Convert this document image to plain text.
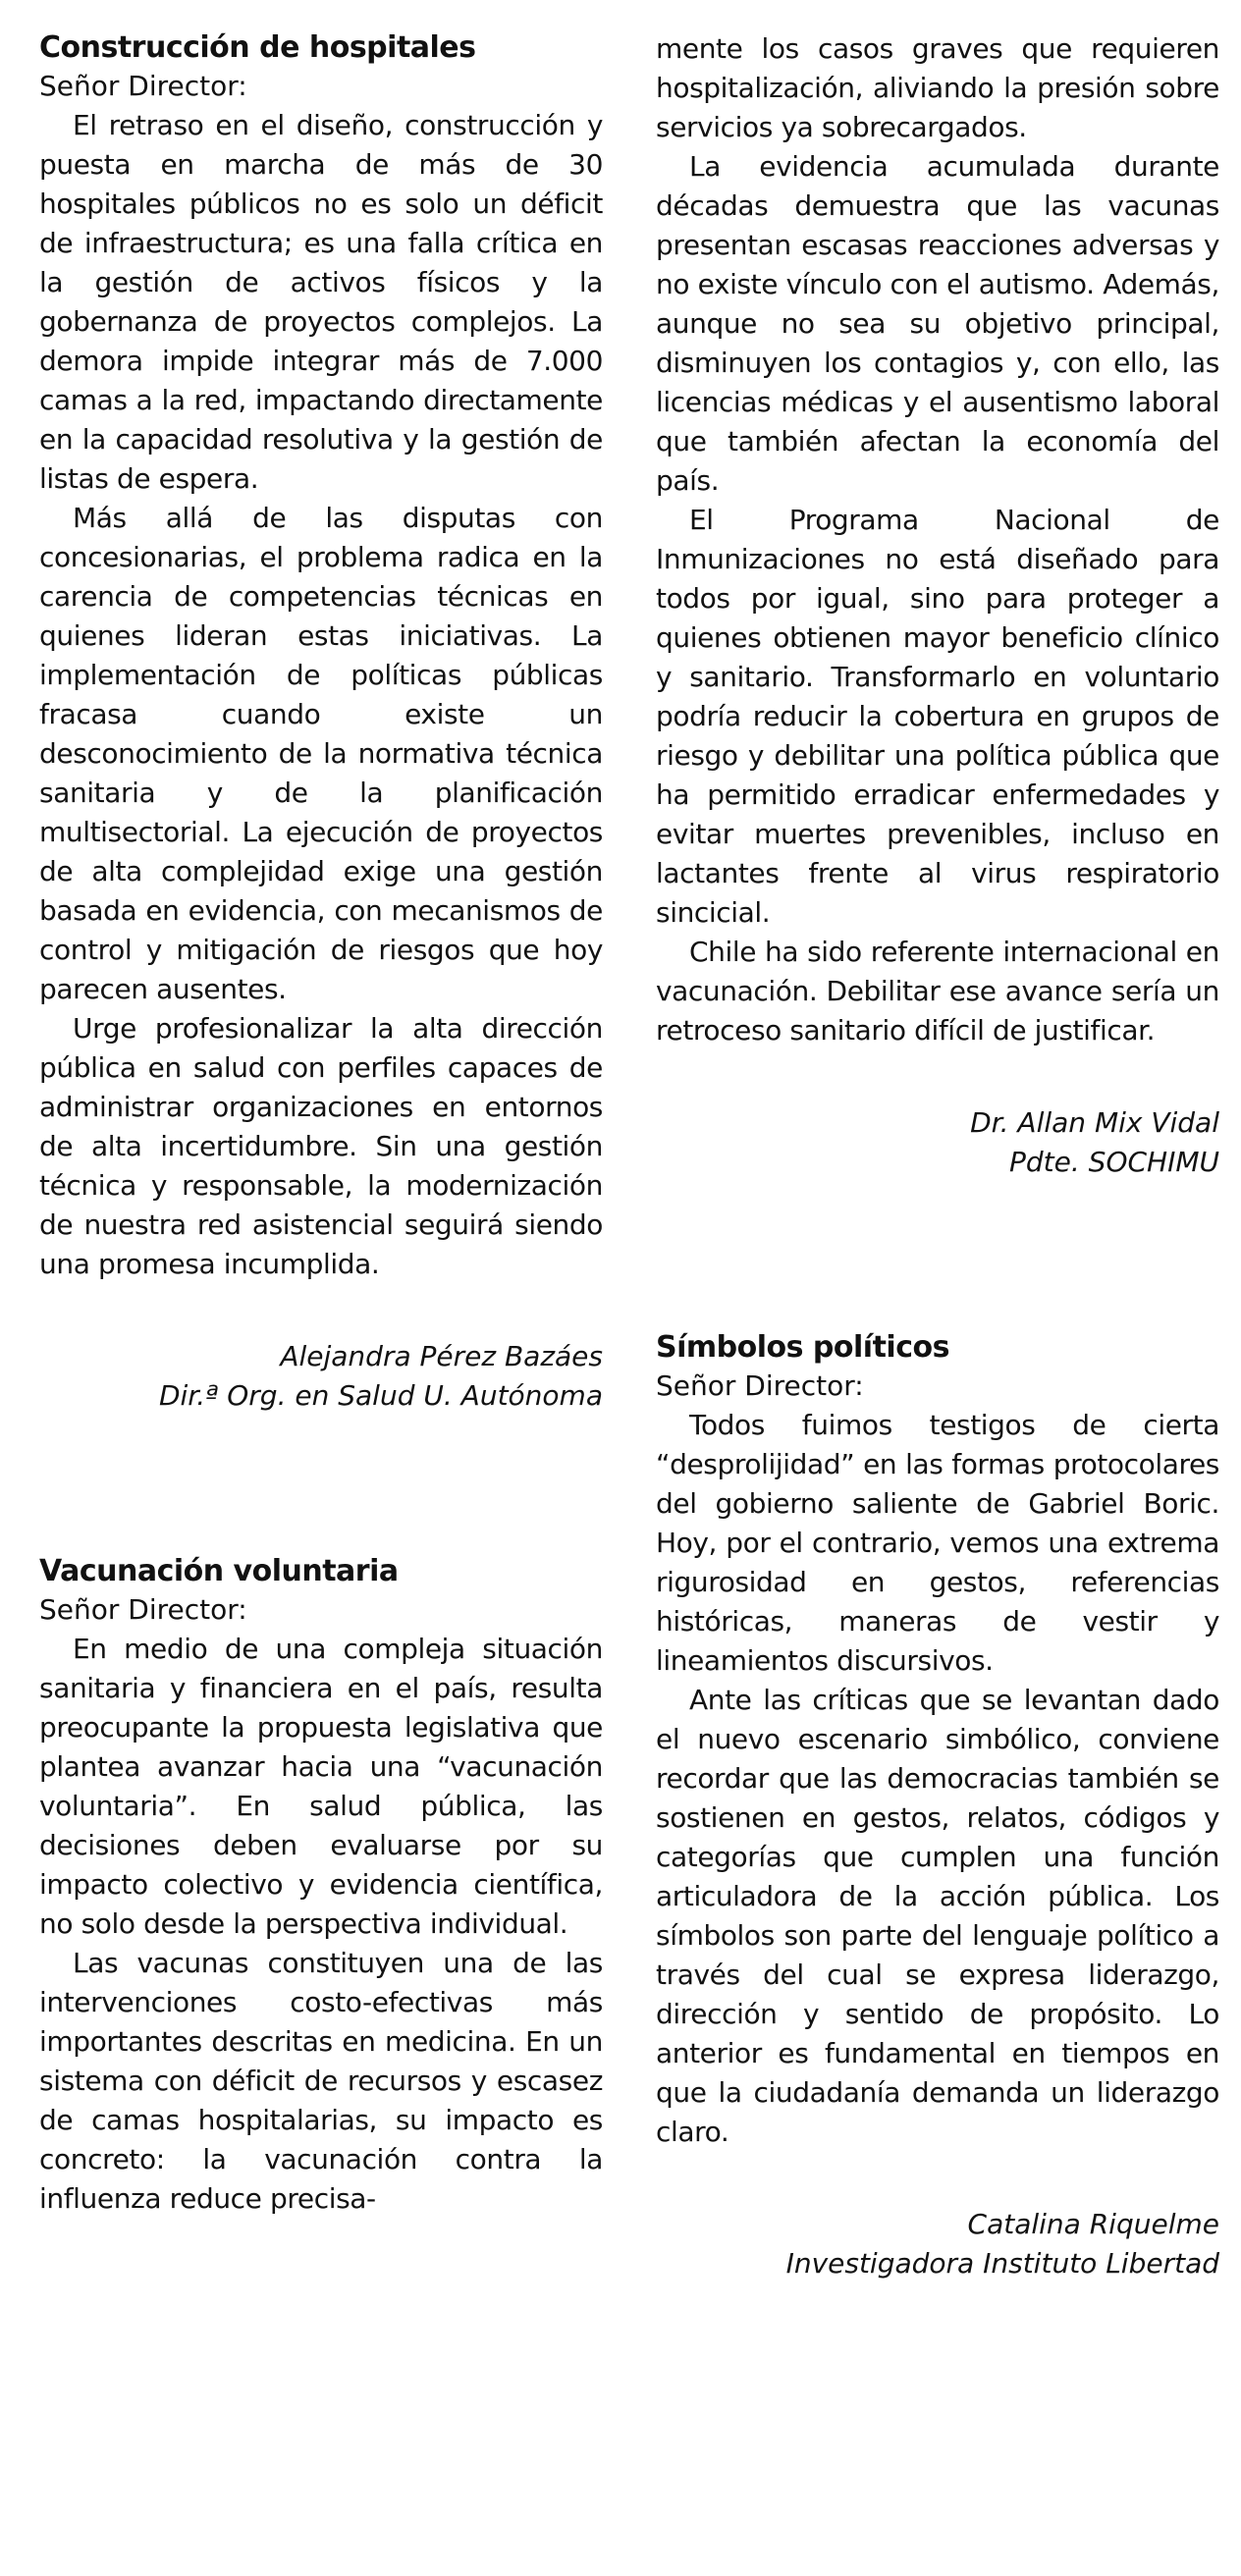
Construcción de hospitales

Señor Director:

El retraso en el diseño, construcción y puesta en marcha de más de 30 hospitales públicos no es solo un déficit de infraestructura; es una falla crítica en la gestión de activos físicos y la gobernanza de proyectos complejos. La demora impide integrar más de 7.000 camas a la red, impactando directamente en la capacidad resolutiva y la gestión de listas de espera.

Más allá de las disputas con concesionarias, el problema radica en la carencia de competencias técnicas en quienes lideran estas iniciativas. La implementación de políticas públicas fracasa cuando existe un desconocimiento de la normativa técnica sanitaria y de la planificación multisectorial. La ejecución de proyectos de alta complejidad exige una gestión basada en evidencia, con mecanismos de control y mitigación de riesgos que hoy parecen ausentes.

Urge profesionalizar la alta dirección pública en salud con perfiles capaces de administrar organizaciones en entornos de alta incertidumbre. Sin una gestión técnica y responsable, la modernización de nuestra red asistencial seguirá siendo una promesa incumplida.

Alejandra Pérez Bazáes

Dir.ª Org. en Salud U. Autónoma

Vacunación voluntaria

Señor Director:

En medio de una compleja situación sanitaria y financiera en el país, resulta preocupante la propuesta legislativa que plantea avanzar hacia una “vacunación voluntaria”. En salud pública, las decisiones deben evaluarse por su impacto colectivo y evidencia científica, no solo desde la perspectiva individual.

Las vacunas constituyen una de las intervenciones costo-efectivas más importantes descritas en medicina. En un sistema con déficit de recursos y escasez de camas hospitalarias, su impacto es concreto: la vacunación contra la influenza reduce precisa-

mente los casos graves que requieren hospitalización, aliviando la presión sobre servicios ya sobrecargados.

La evidencia acumulada durante décadas demuestra que las vacunas presentan escasas reacciones adversas y no existe vínculo con el autismo. Además, aunque no sea su objetivo principal, disminuyen los contagios y, con ello, las licencias médicas y el ausentismo laboral que también afectan la economía del país.

El Programa Nacional de Inmunizaciones no está diseñado para todos por igual, sino para proteger a quienes obtienen mayor beneficio clínico y sanitario. Transformarlo en voluntario podría reducir la cobertura en grupos de riesgo y debilitar una política pública que ha permitido erradicar enfermedades y evitar muertes prevenibles, incluso en lactantes frente al virus respiratorio sincicial.

Chile ha sido referente internacional en vacunación. Debilitar ese avance sería un retroceso sanitario difícil de justificar.

Dr. Allan Mix Vidal

Pdte. SOCHIMU

Símbolos políticos

Señor Director:

Todos fuimos testigos de cierta “desprolijidad” en las formas protocolares del gobierno saliente de Gabriel Boric. Hoy, por el contrario, vemos una extrema rigurosidad en gestos, referencias históricas, maneras de vestir y lineamientos discursivos.

Ante las críticas que se levantan dado el nuevo escenario simbólico, conviene recordar que las democracias también se sostienen en gestos, relatos, códigos y categorías que cumplen una función articuladora de la acción pública. Los símbolos son parte del lenguaje político a través del cual se expresa liderazgo, dirección y sentido de propósito. Lo anterior es fundamental en tiempos en que la ciudadanía demanda un liderazgo claro.

Catalina Riquelme

Investigadora Instituto Libertad
